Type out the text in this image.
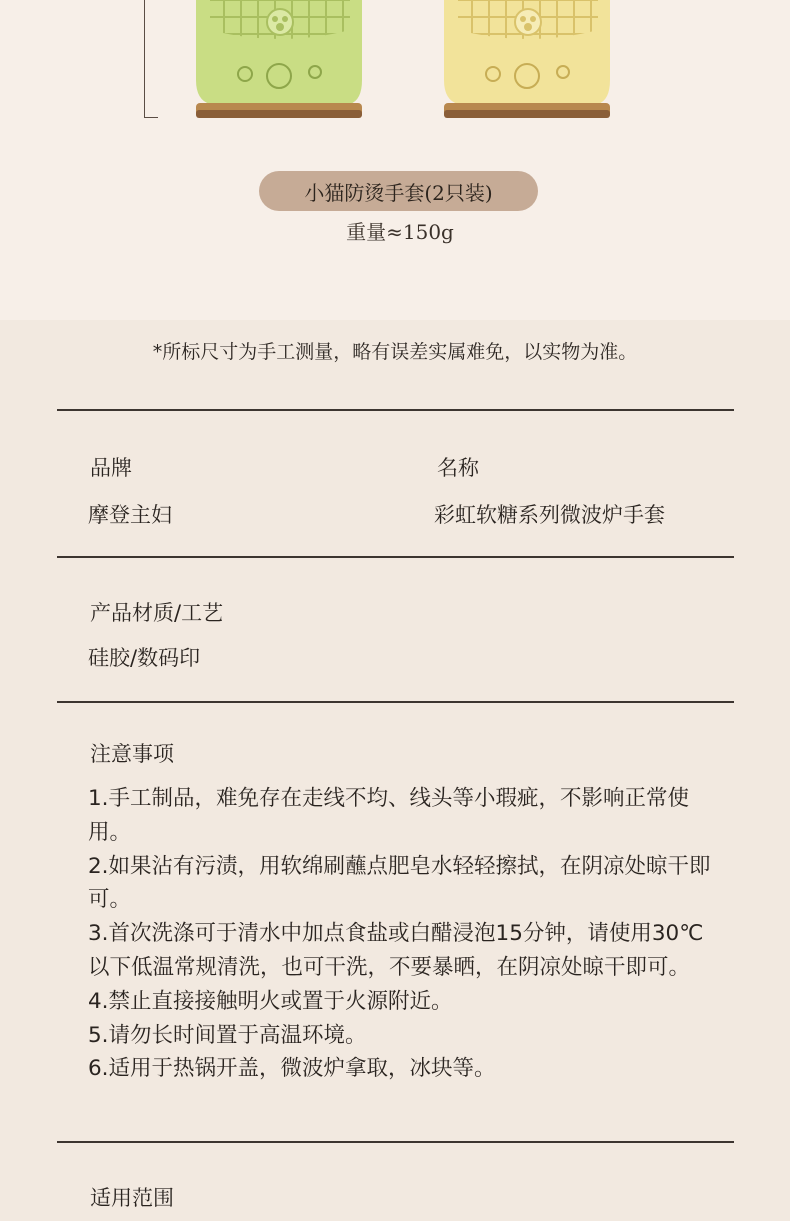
小猫防烫手套(2只装)
重量≈150g
*所标尺寸为手工测量，略有误差实属难免，以实物为准。
品牌
摩登主妇
名称
彩虹软糖系列微波炉手套
产品材质/工艺
硅胶/数码印
注意事项
1.手工制品，难免存在走线不均、线头等小瑕疵，不影响正常使用。
2.如果沾有污渍，用软绵刷蘸点肥皂水轻轻擦拭，在阴凉处晾干即可。
3.首次洗涤可于清水中加点食盐或白醋浸泡15分钟，请使用30℃以下低温常规清洗，也可干洗，不要暴晒，在阴凉处晾干即可。
4.禁止直接接触明火或置于火源附近。
5.请勿长时间置于高温环境。
6.适用于热锅开盖，微波炉拿取，冰块等。
适用范围
